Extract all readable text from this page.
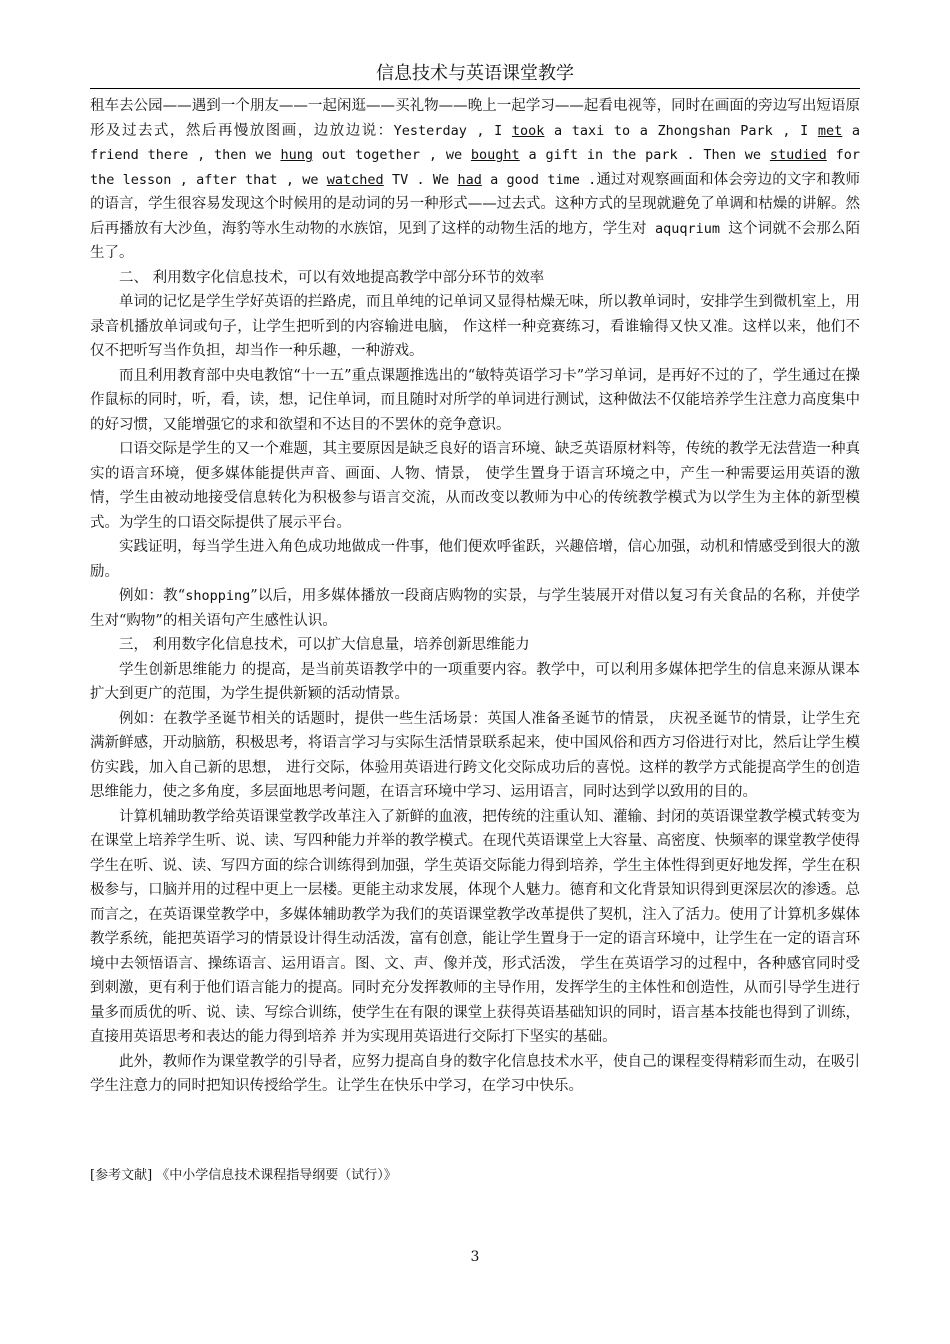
信息技术与英语课堂教学

租车去公园——遇到一个朋友——一起闲逛——买礼物——晚上一起学习——起看电视等，同时在画面的旁边写出短语原形及过去式，然后再慢放图画，边放边说：Yesterday , I took a taxi to a Zhongshan Park , I met a friend there , then we hung out together , we bought a gift in the park . Then we studied for the lesson , after that , we watched TV . We had a good time .通过对观察画面和体会旁边的文字和教师的语言，学生很容易发现这个时候用的是动词的另一种形式——过去式。这种方式的呈现就避免了单调和枯燥的讲解。然后再播放有大沙鱼，海豹等水生动物的水族馆，见到了这样的动物生活的地方，学生对 aquqrium 这个词就不会那么陌生了。

二、 利用数字化信息技术，可以有效地提高教学中部分环节的效率

单词的记忆是学生学好英语的拦路虎，而且单纯的记单词又显得枯燥无味，所以教单词时，安排学生到微机室上，用录音机播放单词或句子，让学生把听到的内容输进电脑， 作这样一种竞赛练习，看谁输得又快又准。这样以来，他们不仅不把听写当作负担，却当作一种乐趣，一种游戏。

而且利用教育部中央电教馆“十一五”重点课题推选出的“敏特英语学习卡”学习单词，是再好不过的了，学生通过在操作鼠标的同时，听，看，读，想，记住单词，而且随时对所学的单词进行测试，这种做法不仅能培养学生注意力高度集中的好习惯，又能增强它的求和欲望和不达目的不罢休的竞争意识。

口语交际是学生的又一个难题，其主要原因是缺乏良好的语言环境、缺乏英语原材料等，传统的教学无法营造一种真实的语言环境，便多媒体能提供声音、画面、人物、情景， 使学生置身于语言环境之中，产生一种需要运用英语的激情，学生由被动地接受信息转化为积极参与语言交流，从而改变以教师为中心的传统教学模式为以学生为主体的新型模式。为学生的口语交际提供了展示平台。

实践证明，每当学生进入角色成功地做成一件事，他们便欢呼雀跃，兴趣倍增，信心加强，动机和情感受到很大的激励。

例如：教“shopping”以后，用多媒体播放一段商店购物的实景，与学生装展开对借以复习有关食品的名称，并使学生对“购物”的相关语句产生感性认识。

三， 利用数字化信息技术，可以扩大信息量，培养创新思维能力

学生创新思维能力 的提高，是当前英语教学中的一项重要内容。教学中，可以利用多媒体把学生的信息来源从课本扩大到更广的范围，为学生提供新颖的活动情景。

例如：在教学圣诞节相关的话题时，提供一些生活场景：英国人准备圣诞节的情景， 庆祝圣诞节的情景，让学生充满新鲜感，开动脑筋，积极思考，将语言学习与实际生活情景联系起来，使中国风俗和西方习俗进行对比，然后让学生模仿实践，加入自己新的思想， 进行交际，体验用英语进行跨文化交际成功后的喜悦。这样的教学方式能提高学生的创造思维能力，使之多角度，多层面地思考问题，在语言环境中学习、运用语言，同时达到学以致用的目的。

计算机辅助教学给英语课堂教学改革注入了新鲜的血液，把传统的注重认知、灌输、封闭的英语课堂教学模式转变为在课堂上培养学生听、说、读、写四种能力并举的教学模式。在现代英语课堂上大容量、高密度、快频率的课堂教学使得学生在听、说、读、写四方面的综合训练得到加强，学生英语交际能力得到培养，学生主体性得到更好地发挥，学生在积极参与，口脑并用的过程中更上一层楼。更能主动求发展，体现个人魅力。德育和文化背景知识得到更深层次的渗透。总而言之，在英语课堂教学中，多媒体辅助教学为我们的英语课堂教学改革提供了契机，注入了活力。使用了计算机多媒体教学系统，能把英语学习的情景设计得生动活泼，富有创意，能让学生置身于一定的语言环境中，让学生在一定的语言环境中去领悟语言、操练语言、运用语言。图、文、声、像并茂，形式活泼， 学生在英语学习的过程中，各种感官同时受到刺激，更有利于他们语言能力的提高。同时充分发挥教师的主导作用，发挥学生的主体性和创造性，从而引导学生进行量多而质优的听、说、读、写综合训练，使学生在有限的课堂上获得英语基础知识的同时，语言基本技能也得到了训练，直接用英语思考和表达的能力得到培养 并为实现用英语进行交际打下坚实的基础。

此外，教师作为课堂教学的引导者，应努力提高自身的数字化信息技术水平，使自己的课程变得精彩而生动，在吸引学生注意力的同时把知识传授给学生。让学生在快乐中学习，在学习中快乐。

[参考文献] 《中小学信息技术课程指导纲要（试行）》
3
